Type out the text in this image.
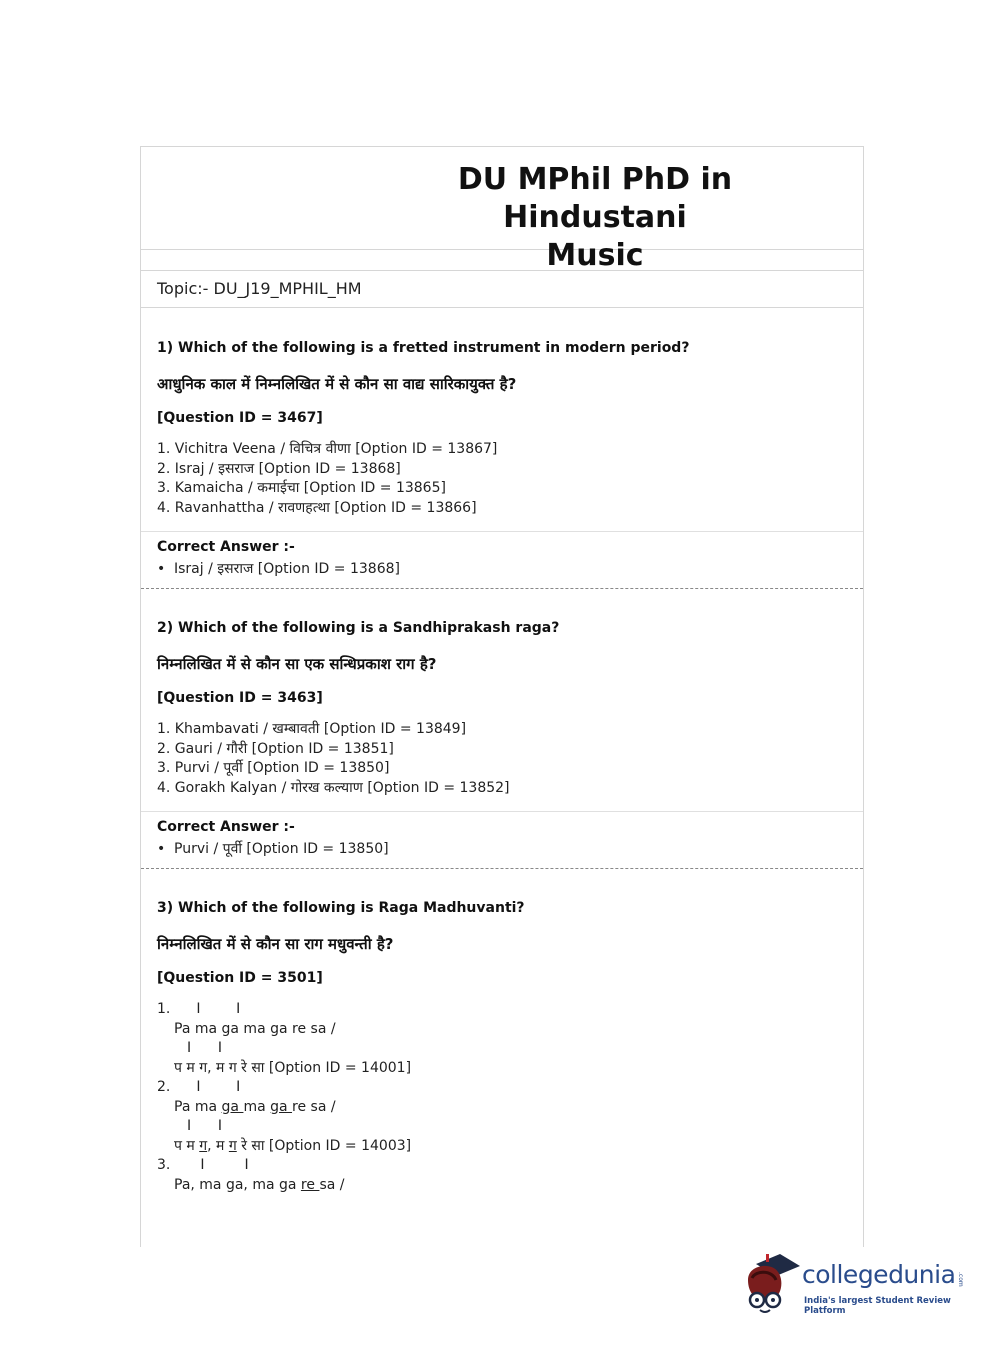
DU MPhil PhD in Hindustani
Music
Topic:- DU_J19_MPHIL_HM
1) Which of the following is a fretted instrument in modern period?
आधुनिक काल में निम्नलिखित में से कौन सा वाद्य सारिकायुक्त है?
[Question ID = 3467]
1. Vichitra Veena / विचित्र वीणा [Option ID = 13867]
2. Israj / इसराज [Option ID = 13868]
3. Kamaicha / कमाईचा [Option ID = 13865]
4. Ravanhattha / रावणहत्था [Option ID = 13866]
Correct Answer :-
• Israj / इसराज [Option ID = 13868]
2) Which of the following is a Sandhiprakash raga?
निम्नलिखित में से कौन सा एक सन्धिप्रकाश राग है?
[Question ID = 3463]
1. Khambavati / खम्बावती [Option ID = 13849]
2. Gauri / गौरी [Option ID = 13851]
3. Purvi / पूर्वी [Option ID = 13850]
4. Gorakh Kalyan / गोरख कल्याण [Option ID = 13852]
Correct Answer :-
• Purvi / पूर्वी [Option ID = 13850]
3) Which of the following is Raga Madhuvanti?
निम्नलिखित में से कौन सा राग मधुवन्ती है?
[Question ID = 3501]
1. I        I
Pa ma ga ma ga re sa /
I      I
प म ग, म ग रे सा [Option ID = 14001]
2. I        I
Pa ma ga ma ga re sa /
I      I
प म ग, म ग रे सा [Option ID = 14003]
3. I         I
Pa, ma ga, ma ga re sa /
collegedunia .com
India's largest Student Review Platform
